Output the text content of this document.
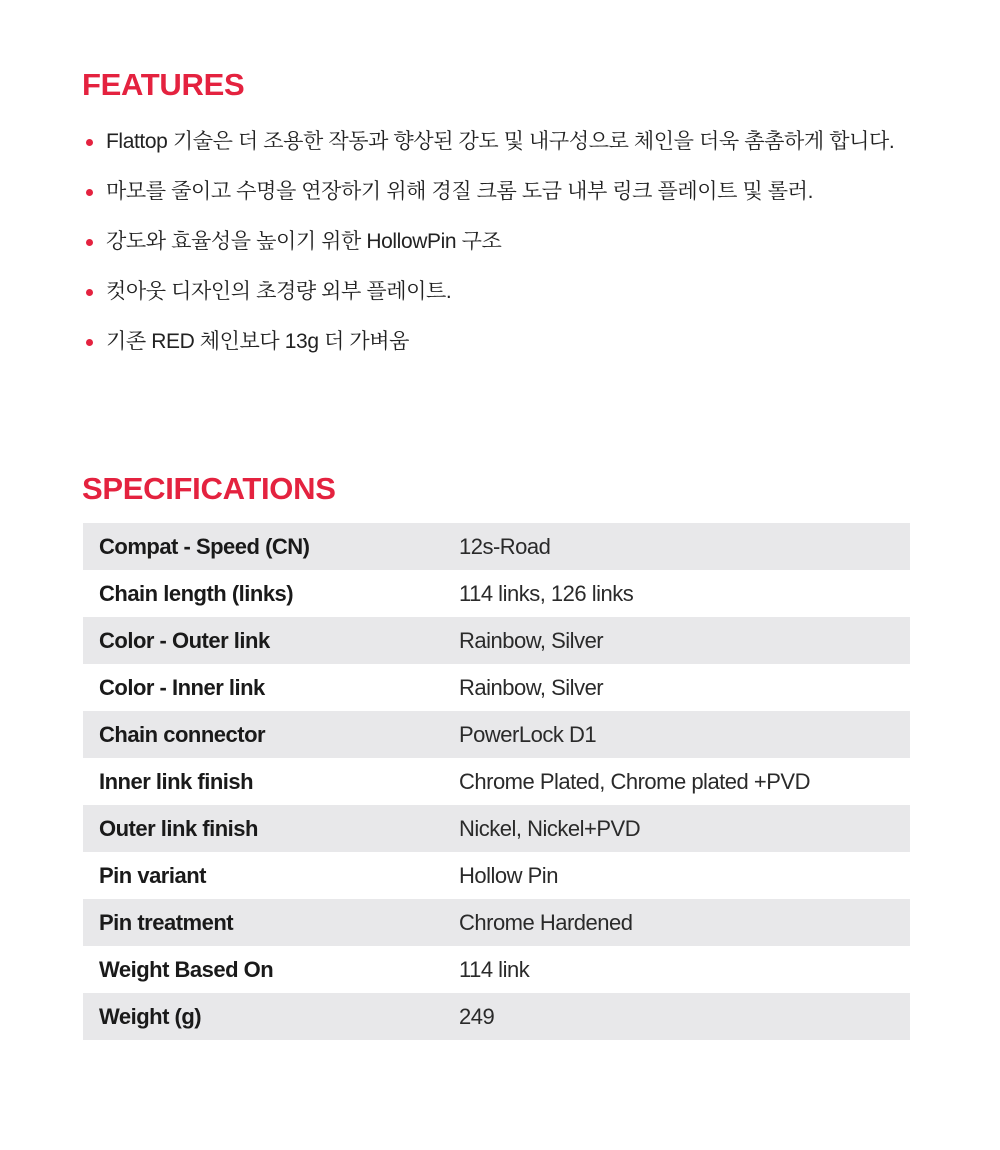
FEATURES
Flattop 기술은 더 조용한 작동과 향상된 강도 및 내구성으로 체인을 더욱 촘촘하게 합니다.
마모를 줄이고 수명을 연장하기 위해 경질 크롬 도금 내부 링크 플레이트 및 롤러.
강도와 효율성을 높이기 위한 HollowPin 구조
컷아웃 디자인의 초경량 외부 플레이트.
기존 RED 체인보다 13g 더 가벼움
SPECIFICATIONS
Compat - Speed (CN)	12s-Road
Chain length (links)	114 links, 126 links
Color - Outer link	Rainbow, Silver
Color - Inner link	Rainbow, Silver
Chain connector	PowerLock D1
Inner link finish	Chrome Plated, Chrome plated +PVD
Outer link finish	Nickel, Nickel+PVD
Pin variant	Hollow Pin
Pin treatment	Chrome Hardened
Weight Based On	114 link
Weight (g)	249
